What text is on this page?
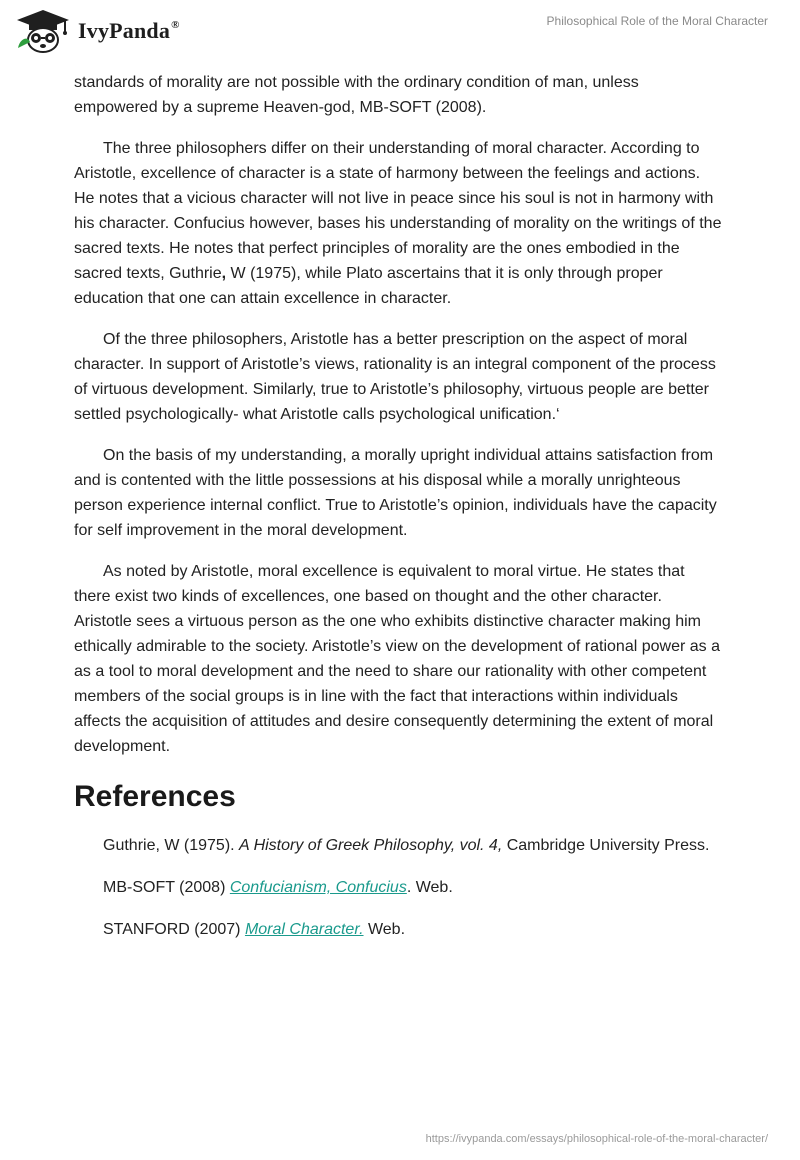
IvyPanda®	Philosophical Role of the Moral Character

standards of morality are not possible with the ordinary condition of man, unless empowered by a supreme Heaven-god, MB-SOFT (2008).

The three philosophers differ on their understanding of moral character. According to Aristotle, excellence of character is a state of harmony between the feelings and actions. He notes that a vicious character will not live in peace since his soul is not in harmony with his character. Confucius however, bases his understanding of morality on the writings of the sacred texts. He notes that perfect principles of morality are the ones embodied in the sacred texts, Guthrie, W (1975), while Plato ascertains that it is only through proper education that one can attain excellence in character.

Of the three philosophers, Aristotle has a better prescription on the aspect of moral character. In support of Aristotle’s views, rationality is an integral component of the process of virtuous development. Similarly, true to Aristotle’s philosophy, virtuous people are better settled psychologically- what Aristotle calls psychological unification.‘

On the basis of my understanding, a morally upright individual attains satisfaction from and is contented with the little possessions at his disposal while a morally unrighteous person experience internal conflict. True to Aristotle’s opinion, individuals have the capacity for self improvement in the moral development.

As noted by Aristotle, moral excellence is equivalent to moral virtue. He states that there exist two kinds of excellences, one based on thought and the other character. Aristotle sees a virtuous person as the one who exhibits distinctive character making him ethically admirable to the society. Aristotle’s view on the development of rational power as a as a tool to moral development and the need to share our rationality with other competent members of the social groups is in line with the fact that interactions within individuals affects the acquisition of attitudes and desire consequently determining the extent of moral development.

References

Guthrie, W (1975). A History of Greek Philosophy, vol. 4, Cambridge University Press.

MB-SOFT (2008) Confucianism, Confucius. Web.

STANFORD (2007) Moral Character. Web.

https://ivypanda.com/essays/philosophical-role-of-the-moral-character/
